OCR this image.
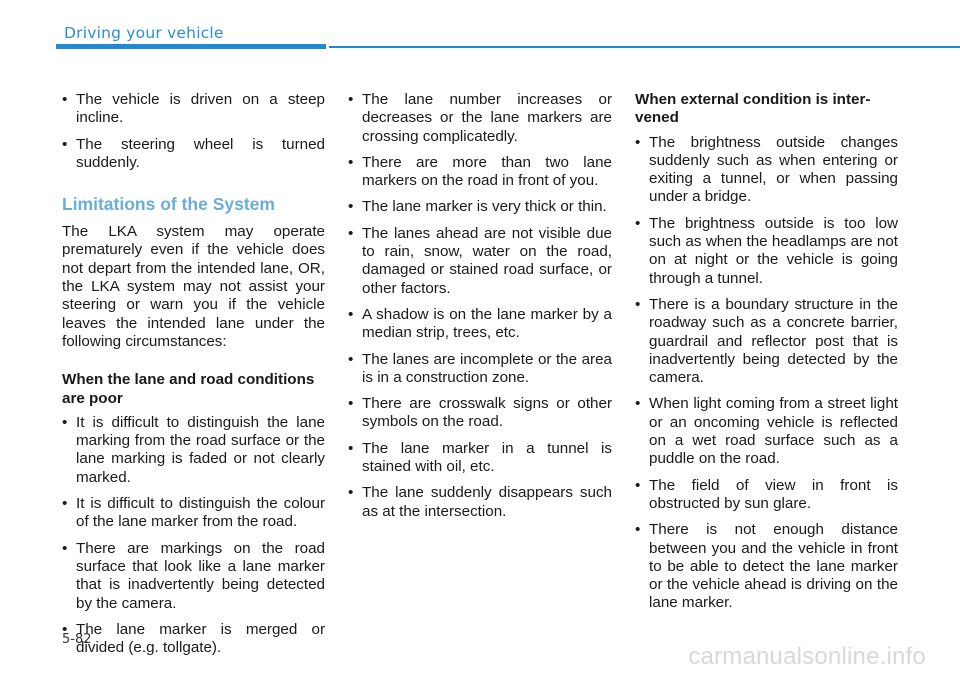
Driving your vehicle
• The vehicle is driven on a steep incline.
• The steering wheel is turned suddenly.
Limitations of the System

The LKA system may operate prematurely even if the vehicle does not depart from the intended lane, OR, the LKA system may not assist your steering or warn you if the vehicle leaves the intended lane under the following circumstances:

When the lane and road conditions are poor
• It is difficult to distinguish the lane marking from the road surface or the lane marking is faded or not clearly marked.
• It is difficult to distinguish the colour of the lane marker from the road.
• There are markings on the road surface that look like a lane marker that is inadvertently being detected by the camera.
• The lane marker is merged or divided (e.g. tollgate).
• The lane number increases or decreases or the lane markers are crossing complicatedly.
• There are more than two lane markers on the road in front of you.
• The lane marker is very thick or thin.
• The lanes ahead are not visible due to rain, snow, water on the road, damaged or stained road surface, or other factors.
• A shadow is on the lane marker by a median strip, trees, etc.
• The lanes are incomplete or the area is in a construction zone.
• There are crosswalk signs or other symbols on the road.
• The lane marker in a tunnel is stained with oil, etc.
• The lane suddenly disappears such as at the intersection.
When external condition is inter-vened
• The brightness outside changes suddenly such as when entering or exiting a tunnel, or when passing under a bridge.
• The brightness outside is too low such as when the headlamps are not on at night or the vehicle is going through a tunnel.
• There is a boundary structure in the roadway such as a concrete barrier, guardrail and reflector post that is inadvertently being detected by the camera.
• When light coming from a street light or an oncoming vehicle is reflected on a wet road surface such as a puddle on the road.
• The field of view in front is obstructed by sun glare.
• There is not enough distance between you and the vehicle in front to be able to detect the lane marker or the vehicle ahead is driving on the lane marker.
5-82
carmanualsonline.info
